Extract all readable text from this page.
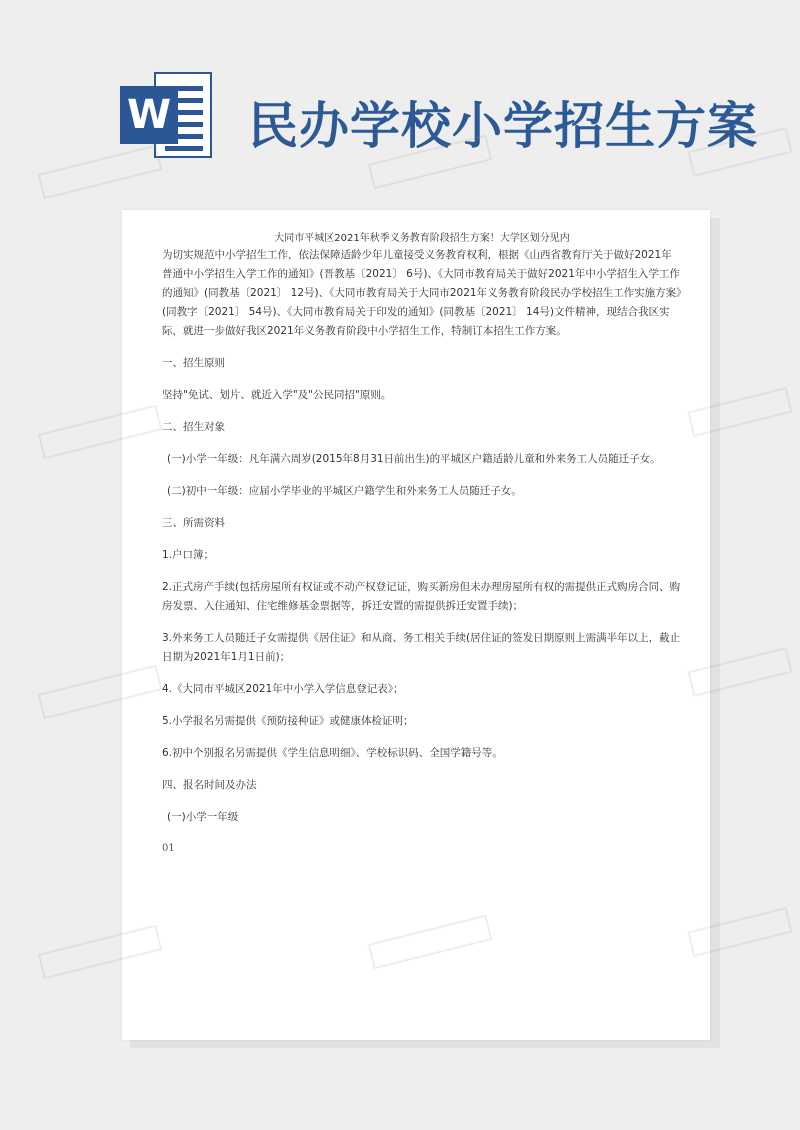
W 民办学校小学招生方案

大同市平城区2021年秋季义务教育阶段招生方案！大学区划分见内

为切实规范中小学招生工作，依法保障适龄少年儿童接受义务教育权利，根据《山西省教育厅关于做好2021年普通中小学招生入学工作的通知》(晋教基〔2021〕 6号)、《大同市教育局关于做好2021年中小学招生入学工作的通知》(同教基〔2021〕 12号)、《大同市教育局关于大同市2021年义务教育阶段民办学校招生工作实施方案》(同教字〔2021〕 54号)、《大同市教育局关于印发的通知》(同教基〔2021〕 14号)文件精神，现结合我区实际，就进一步做好我区2021年义务教育阶段中小学招生工作，特制订本招生工作方案。

一、招生原则

坚持"免试、划片、就近入学"及"公民同招"原则。

二、招生对象

(一)小学一年级：凡年满六周岁(2015年8月31日前出生)的平城区户籍适龄儿童和外来务工人员随迁子女。

(二)初中一年级：应届小学毕业的平城区户籍学生和外来务工人员随迁子女。

三、所需资料

1.户口簿；

2.正式房产手续(包括房屋所有权证或不动产权登记证，购买新房但未办理房屋所有权的需提供正式购房合同、购房发票、入住通知、住宅维修基金票据等，拆迁安置的需提供拆迁安置手续)；

3.外来务工人员随迁子女需提供《居住证》和从商、务工相关手续(居住证的签发日期原则上需满半年以上，截止日期为2021年1月1日前)；

4.《大同市平城区2021年中小学入学信息登记表》；

5.小学报名另需提供《预防接种证》或健康体检证明；

6.初中个别报名另需提供《学生信息明细》、学校标识码、全国学籍号等。

四、报名时间及办法

(一)小学一年级

01
